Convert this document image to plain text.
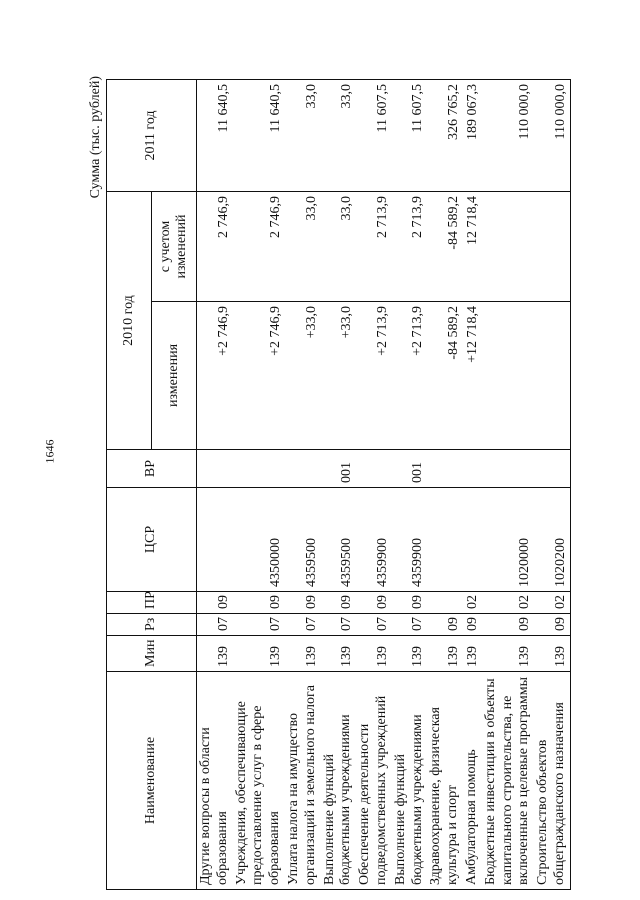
1646
Сумма (тыс. рублей)
Наименование	Мин	Рз	ПР	ЦСР	ВР	2010 год		2011 год
						изменения	с учетом изменений	
Другие вопросы в области образования	139	07	09			+2 746,9	2 746,9	11 640,5
Учреждения, обеспечивающие предоставление услуг в сфере образования	139	07	09	4350000		+2 746,9	2 746,9	11 640,5
Уплата налога на имущество организаций и земельного налога	139	07	09	4359500		+33,0	33,0	33,0
Выполнение функций бюджетными учреждениями	139	07	09	4359500	001	+33,0	33,0	33,0
Обеспечение деятельности подведомственных учреждений	139	07	09	4359900		+2 713,9	2 713,9	11 607,5
Выполнение функций бюджетными учреждениями	139	07	09	4359900	001	+2 713,9	2 713,9	11 607,5
Здравоохранение, физическая культура и спорт	139	09				-84 589,2	-84 589,2	326 765,2
Амбулаторная помощь	139	09	02			+12 718,4	12 718,4	189 067,3
Бюджетные инвестиции в объекты капитального строительства, не включенные в целевые программы	139	09	02	1020000				110 000,0
Строительство объектов общегражданского назначения	139	09	02	1020200				110 000,0
